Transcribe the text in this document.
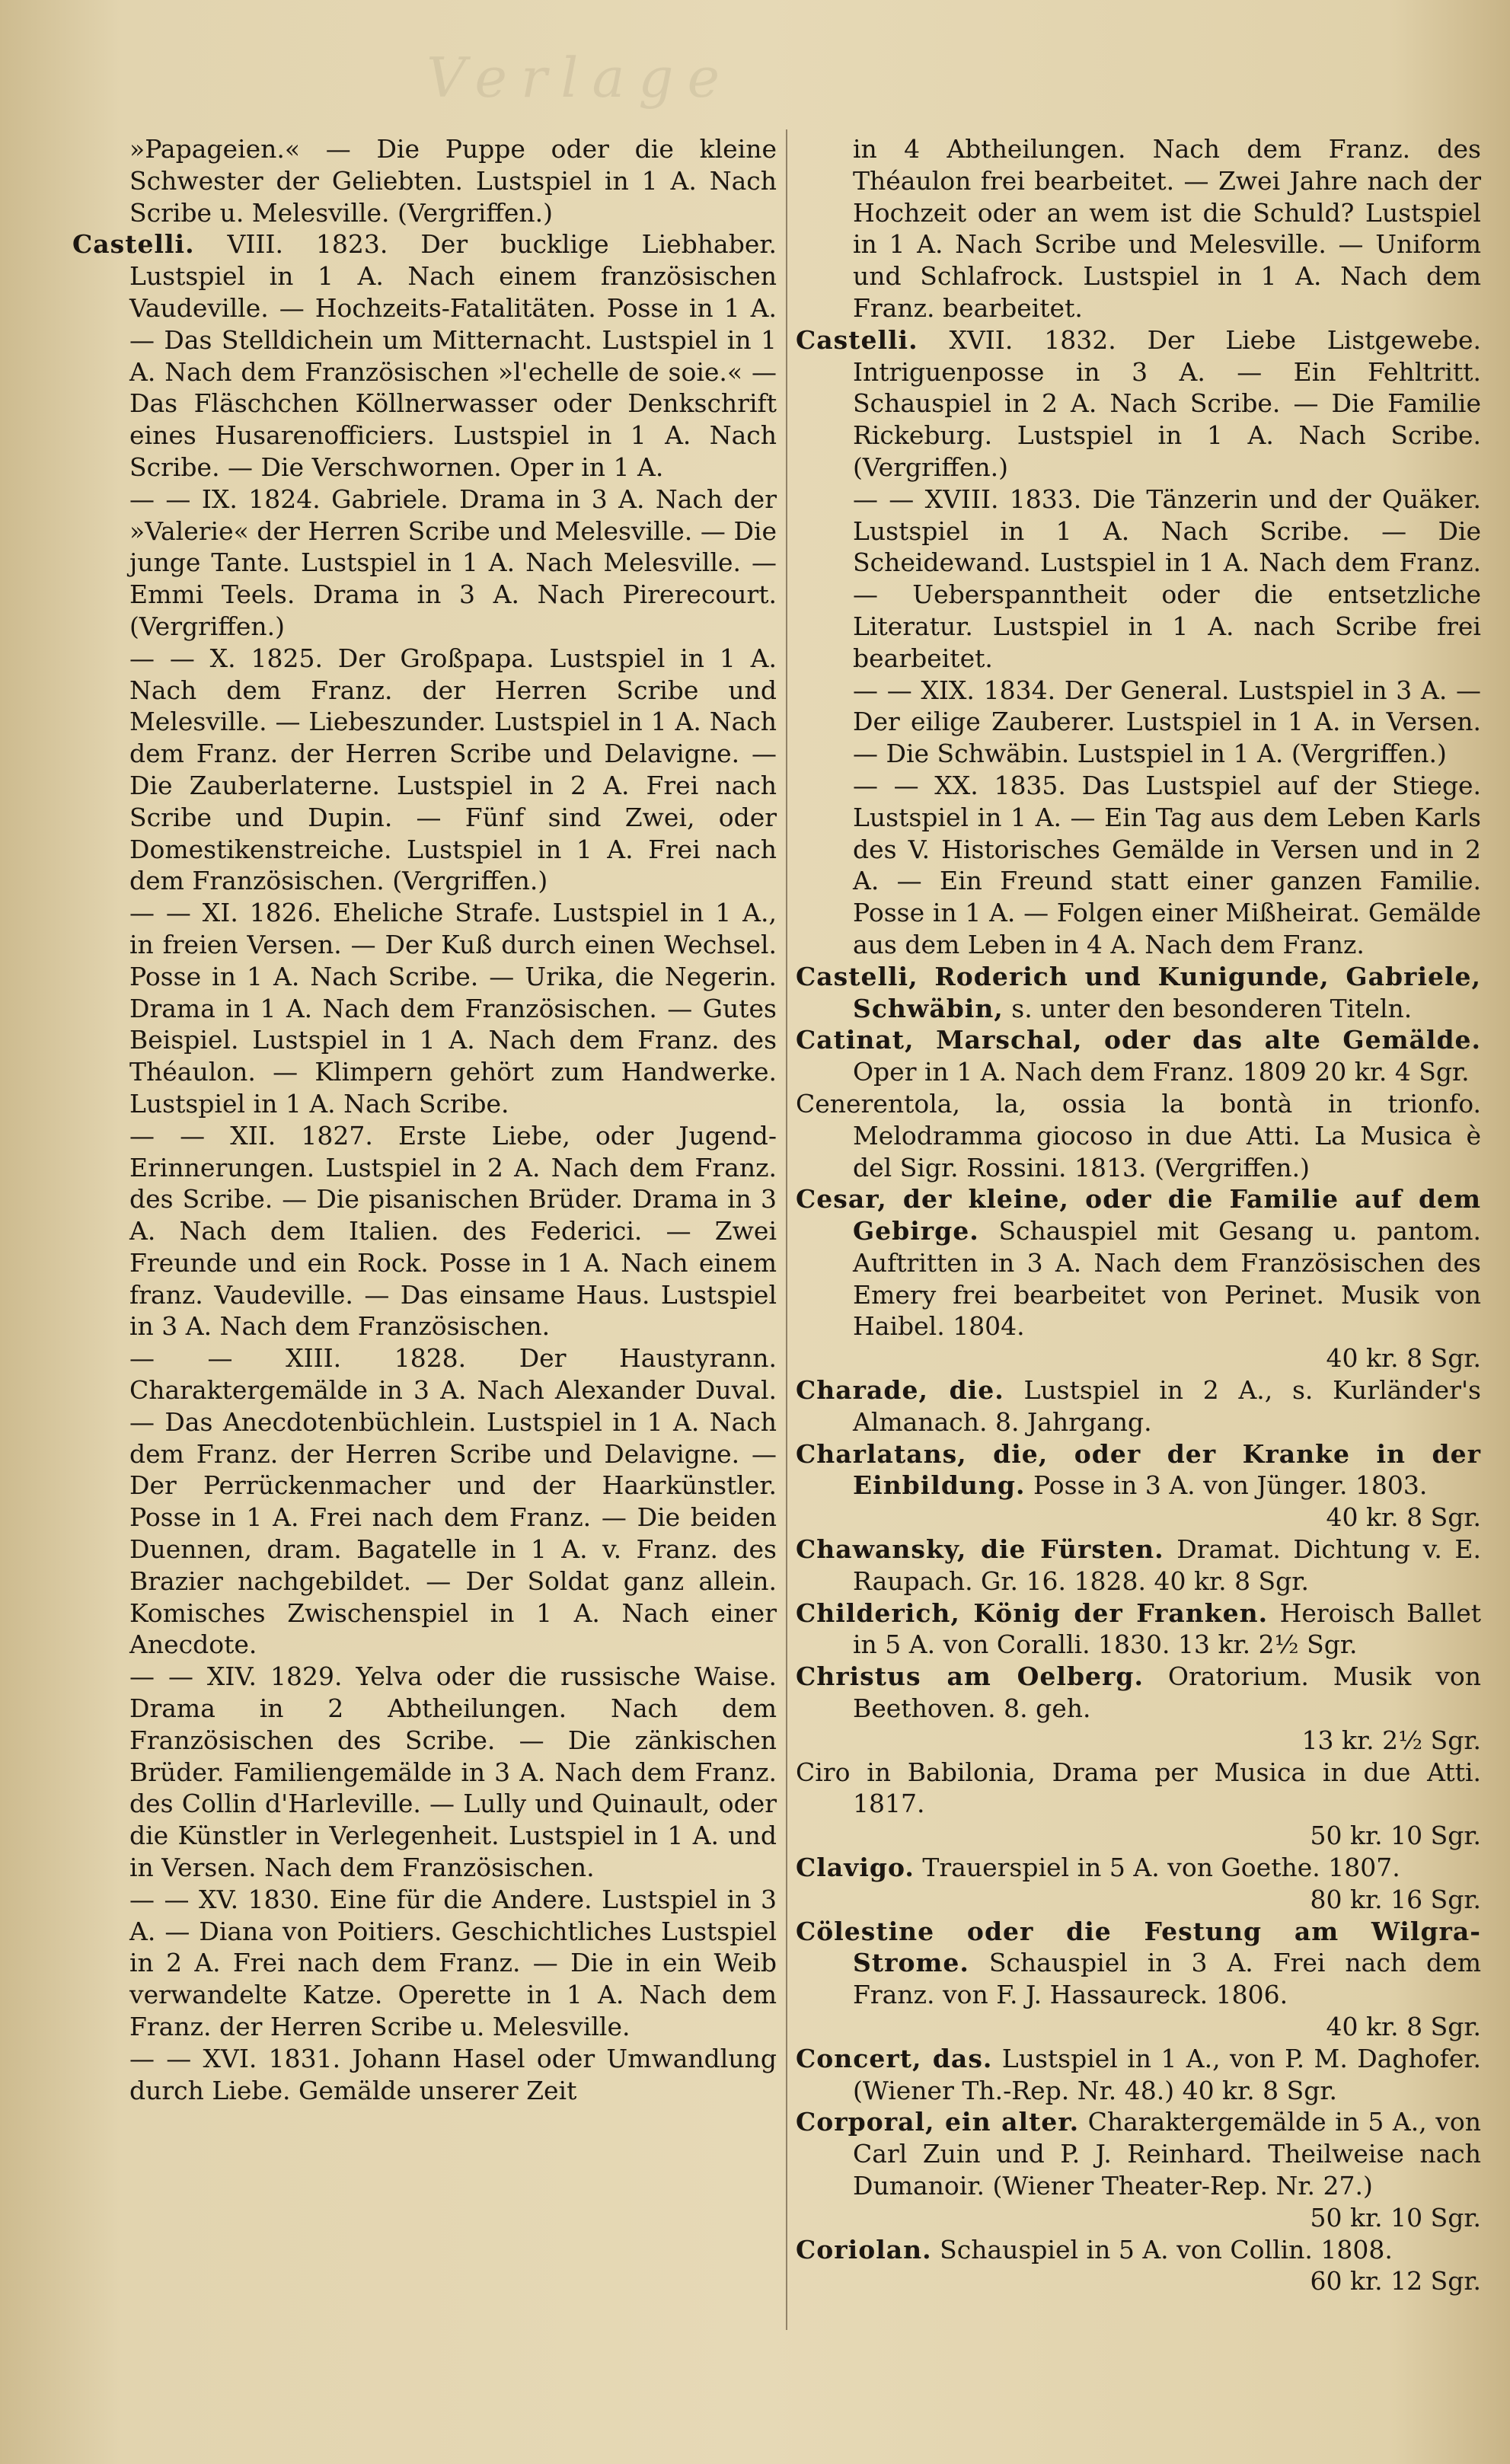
Verlage

»Papageien.« — Die Puppe oder die kleine Schwester der Geliebten. Lustspiel in 1 A. Nach Scribe u. Melesville. (Vergriffen.)

Castelli. VIII. 1823. Der bucklige Liebhaber. Lustspiel in 1 A. Nach einem französischen Vaudeville. — Hochzeits-Fatalitäten. Posse in 1 A. — Das Stelldichein um Mitternacht. Lustspiel in 1 A. Nach dem Französischen »l'echelle de soie.« — Das Fläschchen Köllnerwasser oder Denkschrift eines Husarenofficiers. Lustspiel in 1 A. Nach Scribe. — Die Verschwornen. Oper in 1 A.

— — IX. 1824. Gabriele. Drama in 3 A. Nach der »Valerie« der Herren Scribe und Melesville. — Die junge Tante. Lustspiel in 1 A. Nach Melesville. — Emmi Teels. Drama in 3 A. Nach Pirerecourt. (Vergriffen.)

— — X. 1825. Der Großpapa. Lustspiel in 1 A. Nach dem Franz. der Herren Scribe und Melesville. — Liebeszunder. Lustspiel in 1 A. Nach dem Franz. der Herren Scribe und Delavigne. — Die Zauberlaterne. Lustspiel in 2 A. Frei nach Scribe und Dupin. — Fünf sind Zwei, oder Domestikenstreiche. Lustspiel in 1 A. Frei nach dem Französischen. (Vergriffen.)

— — XI. 1826. Eheliche Strafe. Lustspiel in 1 A., in freien Versen. — Der Kuß durch einen Wechsel. Posse in 1 A. Nach Scribe. — Urika, die Negerin. Drama in 1 A. Nach dem Französischen. — Gutes Beispiel. Lustspiel in 1 A. Nach dem Franz. des Théaulon. — Klimpern gehört zum Handwerke. Lustspiel in 1 A. Nach Scribe.

— — XII. 1827. Erste Liebe, oder Jugend-Erinnerungen. Lustspiel in 2 A. Nach dem Franz. des Scribe. — Die pisanischen Brüder. Drama in 3 A. Nach dem Italien. des Federici. — Zwei Freunde und ein Rock. Posse in 1 A. Nach einem franz. Vaudeville. — Das einsame Haus. Lustspiel in 3 A. Nach dem Französischen.

— — XIII. 1828. Der Haustyrann. Charaktergemälde in 3 A. Nach Alexander Duval. — Das Anecdotenbüchlein. Lustspiel in 1 A. Nach dem Franz. der Herren Scribe und Delavigne. — Der Perrückenmacher und der Haarkünstler. Posse in 1 A. Frei nach dem Franz. — Die beiden Duennen, dram. Bagatelle in 1 A. v. Franz. des Brazier nachgebildet. — Der Soldat ganz allein. Komisches Zwischenspiel in 1 A. Nach einer Anecdote.

— — XIV. 1829. Yelva oder die russische Waise. Drama in 2 Abtheilungen. Nach dem Französischen des Scribe. — Die zänkischen Brüder. Familiengemälde in 3 A. Nach dem Franz. des Collin d'Harleville. — Lully und Quinault, oder die Künstler in Verlegenheit. Lustspiel in 1 A. und in Versen. Nach dem Französischen.

— — XV. 1830. Eine für die Andere. Lustspiel in 3 A. — Diana von Poitiers. Geschichtliches Lustspiel in 2 A. Frei nach dem Franz. — Die in ein Weib verwandelte Katze. Operette in 1 A. Nach dem Franz. der Herren Scribe u. Melesville.

— — XVI. 1831. Johann Hasel oder Umwandlung durch Liebe. Gemälde unserer Zeit

in 4 Abtheilungen. Nach dem Franz. des Théaulon frei bearbeitet. — Zwei Jahre nach der Hochzeit oder an wem ist die Schuld? Lustspiel in 1 A. Nach Scribe und Melesville. — Uniform und Schlafrock. Lustspiel in 1 A. Nach dem Franz. bearbeitet.

Castelli. XVII. 1832. Der Liebe Listgewebe. Intriguenposse in 3 A. — Ein Fehltritt. Schauspiel in 2 A. Nach Scribe. — Die Familie Rickeburg. Lustspiel in 1 A. Nach Scribe. (Vergriffen.)

— — XVIII. 1833. Die Tänzerin und der Quäker. Lustspiel in 1 A. Nach Scribe. — Die Scheidewand. Lustspiel in 1 A. Nach dem Franz. — Ueberspanntheit oder die entsetzliche Literatur. Lustspiel in 1 A. nach Scribe frei bearbeitet.

— — XIX. 1834. Der General. Lustspiel in 3 A. — Der eilige Zauberer. Lustspiel in 1 A. in Versen. — Die Schwäbin. Lustspiel in 1 A. (Vergriffen.)

— — XX. 1835. Das Lustspiel auf der Stiege. Lustspiel in 1 A. — Ein Tag aus dem Leben Karls des V. Historisches Gemälde in Versen und in 2 A. — Ein Freund statt einer ganzen Familie. Posse in 1 A. — Folgen einer Mißheirat. Gemälde aus dem Leben in 4 A. Nach dem Franz.

Castelli, Roderich und Kunigunde, Gabriele, Schwäbin, s. unter den besonderen Titeln.

Catinat, Marschal, oder das alte Gemälde. Oper in 1 A. Nach dem Franz. 1809 20 kr. 4 Sgr.

Cenerentola, la, ossia la bontà in trionfo. Melodramma giocoso in due Atti. La Musica è del Sigr. Rossini. 1813. (Vergriffen.)

Cesar, der kleine, oder die Familie auf dem Gebirge. Schauspiel mit Gesang u. pantom. Auftritten in 3 A. Nach dem Französischen des Emery frei bearbeitet von Perinet. Musik von Haibel. 1804.
40 kr. 8 Sgr.

Charade, die. Lustspiel in 2 A., s. Kurländer's Almanach. 8. Jahrgang.

Charlatans, die, oder der Kranke in der Einbildung. Posse in 3 A. von Jünger. 1803.
40 kr. 8 Sgr.

Chawansky, die Fürsten. Dramat. Dichtung v. E. Raupach. Gr. 16. 1828. 40 kr. 8 Sgr.

Childerich, König der Franken. Heroisch Ballet in 5 A. von Coralli. 1830. 13 kr. 2½ Sgr.

Christus am Oelberg. Oratorium. Musik von Beethoven. 8. geh.
13 kr. 2½ Sgr.

Ciro in Babilonia, Drama per Musica in due Atti. 1817.
50 kr. 10 Sgr.

Clavigo. Trauerspiel in 5 A. von Goethe. 1807.
80 kr. 16 Sgr.

Cölestine oder die Festung am Wilgra-Strome. Schauspiel in 3 A. Frei nach dem Franz. von F. J. Hassaureck. 1806.
40 kr. 8 Sgr.

Concert, das. Lustspiel in 1 A., von P. M. Daghofer. (Wiener Th.-Rep. Nr. 48.) 40 kr. 8 Sgr.

Corporal, ein alter. Charaktergemälde in 5 A., von Carl Zuin und P. J. Reinhard. Theilweise nach Dumanoir. (Wiener Theater-Rep. Nr. 27.)
50 kr. 10 Sgr.

Coriolan. Schauspiel in 5 A. von Collin. 1808.
60 kr. 12 Sgr.
